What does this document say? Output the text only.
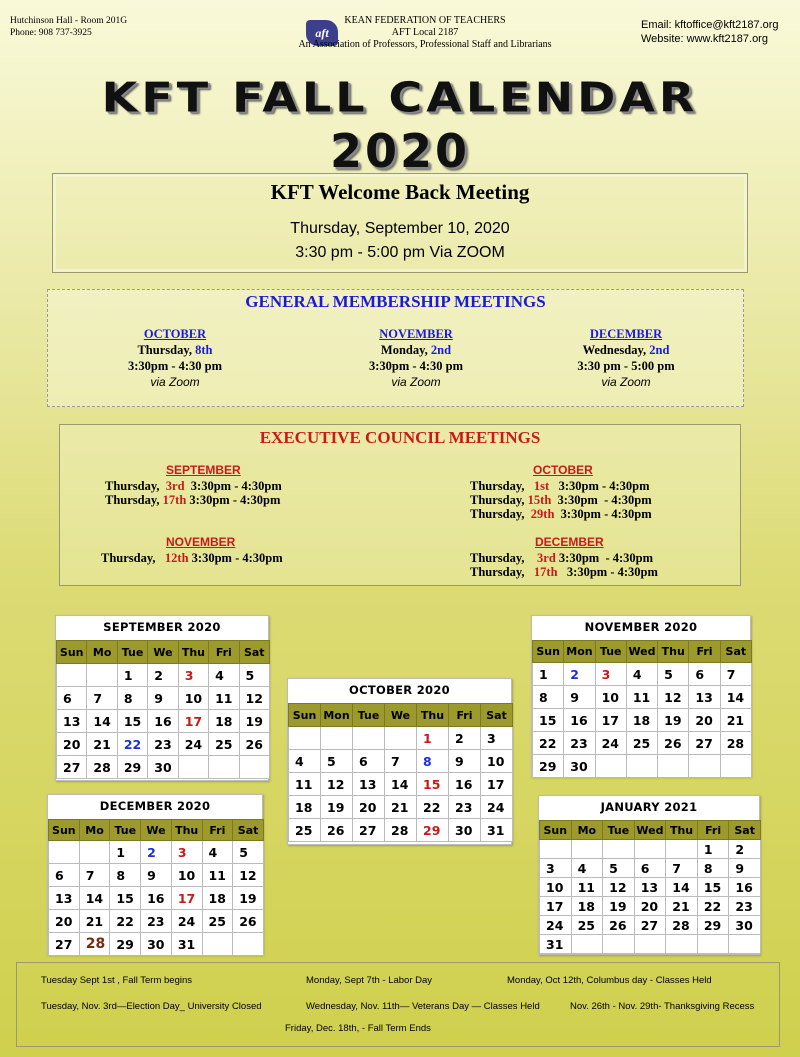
Hutchinson Hall - Room 201G
Phone: 908 737-3925	aft
KEAN FEDERATION OF TEACHERS
AFT Local 2187
An Association of Professors, Professional Staff and Librarians
Email: kftoffice@kft2187.org
Website: www.kft2187.org
KFT FALL CALENDAR
2020
KFT Welcome Back Meeting
Thursday, September 10, 2020
3:30 pm - 5:00 pm Via ZOOM
GENERAL MEMBERSHIP MEETINGS
OCTOBER
Thursday, 8th
3:30pm - 4:30 pm
via Zoom
NOVEMBER
Monday, 2nd
3:30pm - 4:30 pm
via Zoom
DECEMBER
Wednesday, 2nd
3:30 pm - 5:00 pm
via Zoom
EXECUTIVE COUNCIL MEETINGS
SEPTEMBER
Thursday,  3rd  3:30pm - 4:30pm
Thursday, 17th 3:30pm - 4:30pm
OCTOBER
Thursday,   1st   3:30pm - 4:30pm
Thursday, 15th  3:30pm  - 4:30pm
Thursday,  29th  3:30pm - 4:30pm
NOVEMBER
Thursday,   12th 3:30pm - 4:30pm
DECEMBER
Thursday,    3rd 3:30pm  - 4:30pm
Thursday,   17th   3:30pm - 4:30pm
SEPTEMBER 2020
Sun	Mo	Tue	We	Thu	Fri	Sat
		1	2	3	4	5
6	7	8	9	10	11	12
13	14	15	16	17	18	19
20	21	22	23	24	25	26
27	28	29	30			
OCTOBER 2020
Sun	Mon	Tue	We	Thu	Fri	Sat
				1	2	3
4	5	6	7	8	9	10
11	12	13	14	15	16	17
18	19	20	21	22	23	24
25	26	27	28	29	30	31
NOVEMBER 2020
Sun	Mon	Tue	Wed	Thu	Fri	Sat
1	2	3	4	5	6	7
8	9	10	11	12	13	14
15	16	17	18	19	20	21
22	23	24	25	26	27	28
29	30					
DECEMBER 2020
Sun	Mo	Tue	We	Thu	Fri	Sat
		1	2	3	4	5
6	7	8	9	10	11	12
13	14	15	16	17	18	19
20	21	22	23	24	25	26
27	28	29	30	31		
JANUARY 2021
Sun	Mo	Tue	Wed	Thu	Fri	Sat
					1	2
3	4	5	6	7	8	9
10	11	12	13	14	15	16
17	18	19	20	21	22	23
24	25	26	27	28	29	30
31						
Tuesday Sept 1st , Fall Term begins	Monday, Sept 7th - Labor Day	Monday, Oct 12th, Columbus day - Classes Held
Tuesday, Nov. 3rd—Election Day_ University Closed	Wednesday, Nov. 11th— Veterans Day — Classes Held	Nov. 26th - Nov. 29th- Thanksgiving Recess
Friday, Dec. 18th, - Fall Term Ends
